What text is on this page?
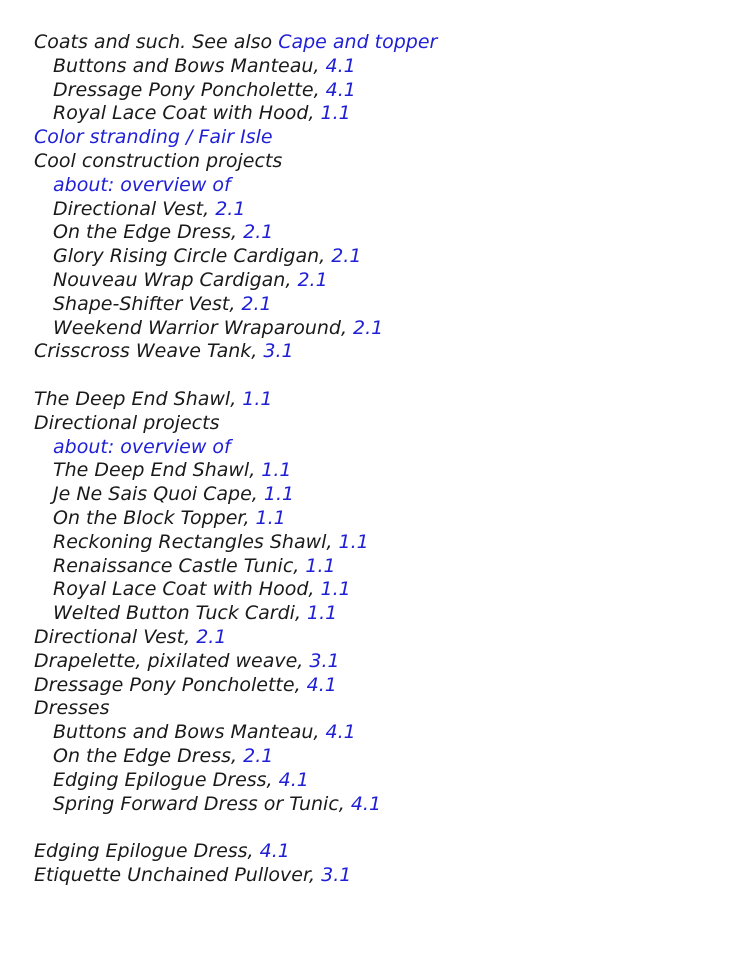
Coats and such. See also Cape and topper
Buttons and Bows Manteau, 4.1
Dressage Pony Poncholette, 4.1
Royal Lace Coat with Hood, 1.1
Color stranding / Fair Isle
Cool construction projects
about: overview of
Directional Vest, 2.1
On the Edge Dress, 2.1
Glory Rising Circle Cardigan, 2.1
Nouveau Wrap Cardigan, 2.1
Shape-Shifter Vest, 2.1
Weekend Warrior Wraparound, 2.1
Crisscross Weave Tank, 3.1
The Deep End Shawl, 1.1
Directional projects
about: overview of
The Deep End Shawl, 1.1
Je Ne Sais Quoi Cape, 1.1
On the Block Topper, 1.1
Reckoning Rectangles Shawl, 1.1
Renaissance Castle Tunic, 1.1
Royal Lace Coat with Hood, 1.1
Welted Button Tuck Cardi, 1.1
Directional Vest, 2.1
Drapelette, pixilated weave, 3.1
Dressage Pony Poncholette, 4.1
Dresses
Buttons and Bows Manteau, 4.1
On the Edge Dress, 2.1
Edging Epilogue Dress, 4.1
Spring Forward Dress or Tunic, 4.1
Edging Epilogue Dress, 4.1
Etiquette Unchained Pullover, 3.1
